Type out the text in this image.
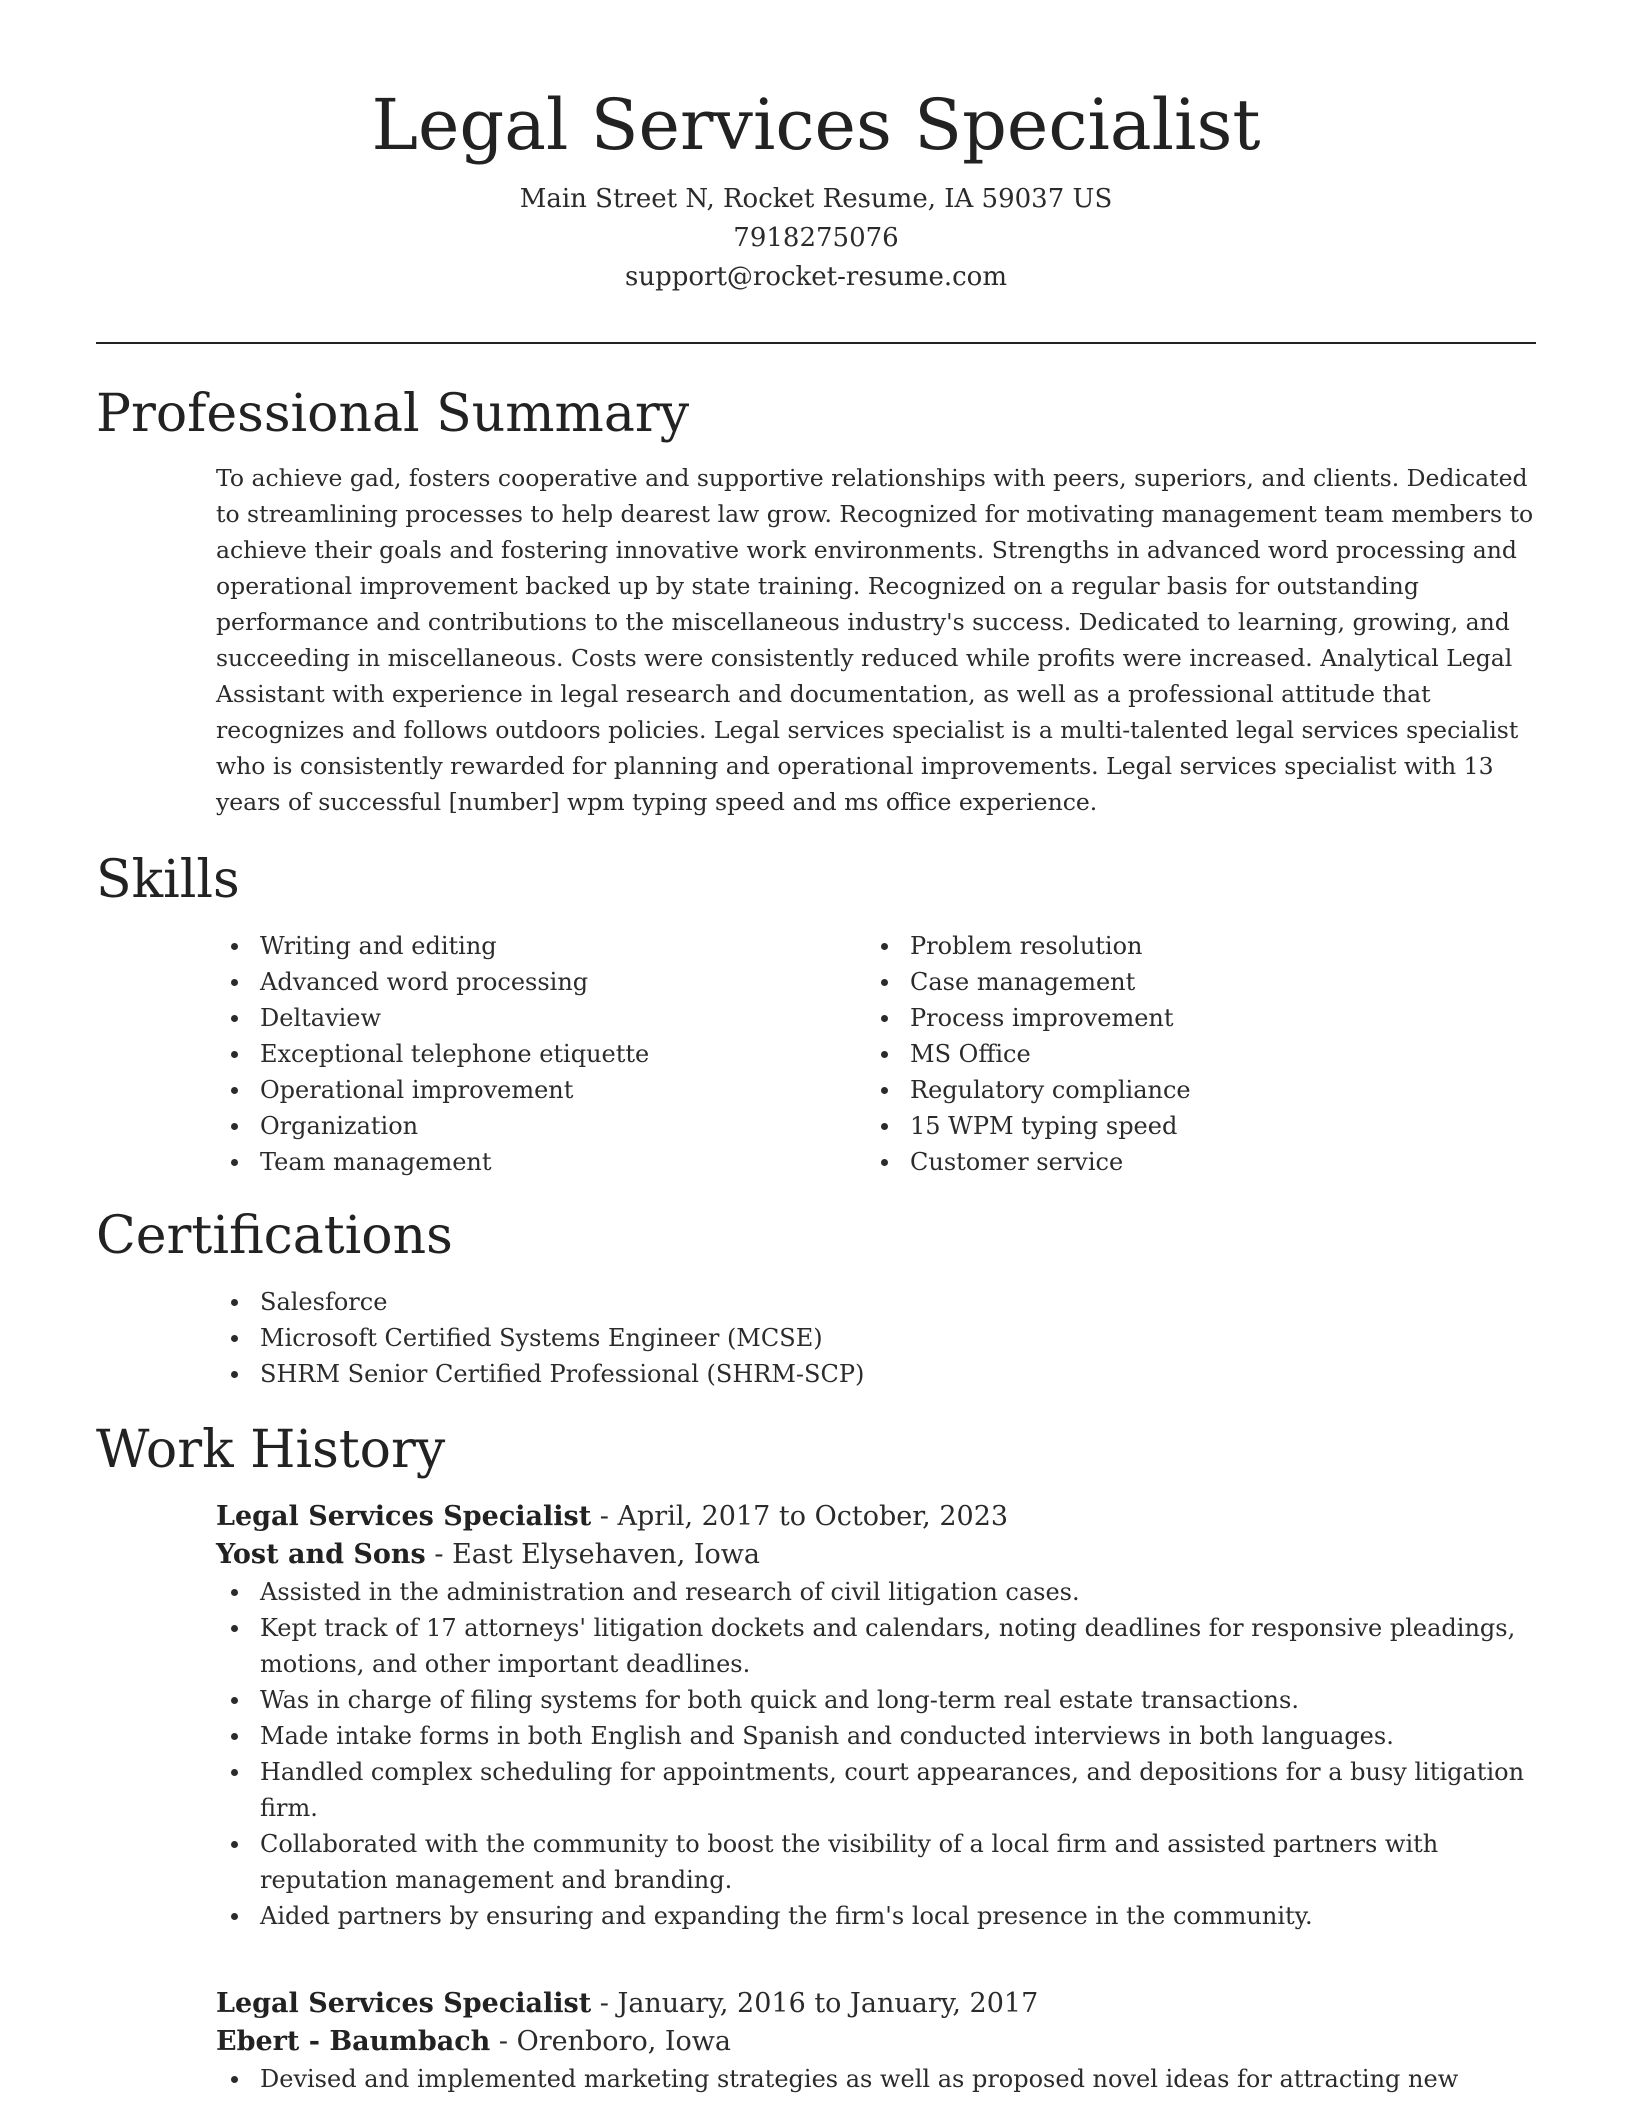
Legal Services Specialist
Main Street N, Rocket Resume, IA 59037 US
7918275076
support@rocket-resume.com
Professional Summary

To achieve gad, fosters cooperative and supportive relationships with peers, superiors, and clients. Dedicated to streamlining processes to help dearest law grow. Recognized for motivating management team members to achieve their goals and fostering innovative work environments. Strengths in advanced word processing and operational improvement backed up by state training. Recognized on a regular basis for outstanding performance and contributions to the miscellaneous industry's success. Dedicated to learning, growing, and succeeding in miscellaneous. Costs were consistently reduced while profits were increased. Analytical Legal Assistant with experience in legal research and documentation, as well as a professional attitude that recognizes and follows outdoors policies. Legal services specialist is a multi-talented legal services specialist who is consistently rewarded for planning and operational improvements. Legal services specialist with 13 years of successful [number] wpm typing speed and ms office experience.

Skills
Writing and editing
Advanced word processing
Deltaview
Exceptional telephone etiquette
Operational improvement
Organization
Team management
Problem resolution
Case management
Process improvement
MS Office
Regulatory compliance
15 WPM typing speed
Customer service
Certifications
Salesforce
Microsoft Certified Systems Engineer (MCSE)
SHRM Senior Certified Professional (SHRM-SCP)
Work History
Legal Services Specialist - April, 2017 to October, 2023
Yost and Sons - East Elysehaven, Iowa
Assisted in the administration and research of civil litigation cases.
Kept track of 17 attorneys' litigation dockets and calendars, noting deadlines for responsive pleadings, motions, and other important deadlines.
Was in charge of filing systems for both quick and long-term real estate transactions.
Made intake forms in both English and Spanish and conducted interviews in both languages.
Handled complex scheduling for appointments, court appearances, and depositions for a busy litigation firm.
Collaborated with the community to boost the visibility of a local firm and assisted partners with reputation management and branding.
Aided partners by ensuring and expanding the firm's local presence in the community.
Legal Services Specialist - January, 2016 to January, 2017
Ebert - Baumbach - Orenboro, Iowa
Devised and implemented marketing strategies as well as proposed novel ideas for attracting new
